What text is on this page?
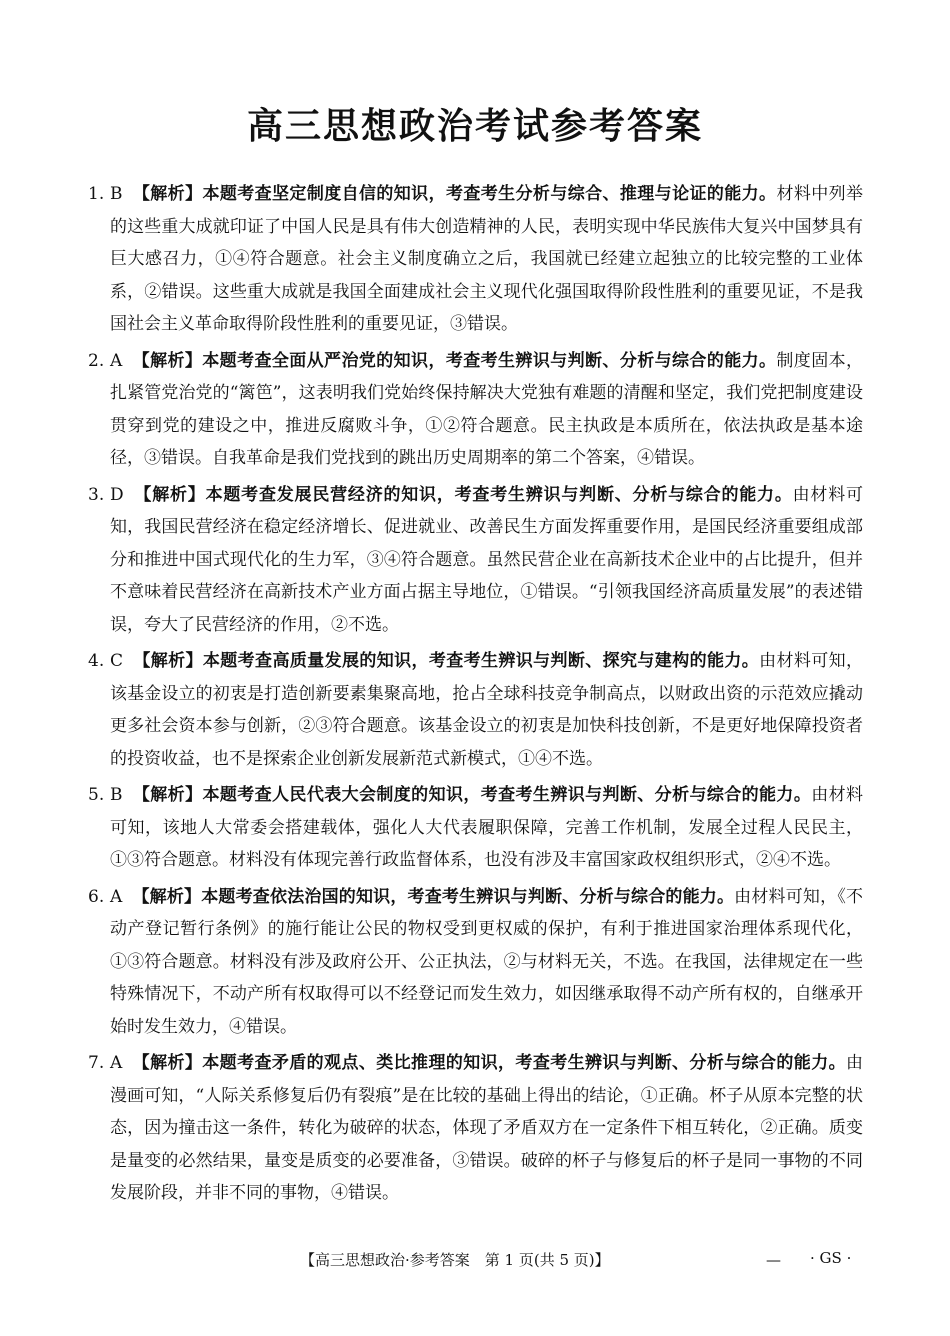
高三思想政治考试参考答案
1. B 【解析】本题考查坚定制度自信的知识，考查考生分析与综合、推理与论证的能力。材料中列举的这些重大成就印证了中国人民是具有伟大创造精神的人民，表明实现中华民族伟大复兴中国梦具有巨大感召力，①④符合题意。社会主义制度确立之后，我国就已经建立起独立的比较完整的工业体系，②错误。这些重大成就是我国全面建成社会主义现代化强国取得阶段性胜利的重要见证，不是我国社会主义革命取得阶段性胜利的重要见证，③错误。
2. A 【解析】本题考查全面从严治党的知识，考查考生辨识与判断、分析与综合的能力。制度固本，扎紧管党治党的“篱笆”，这表明我们党始终保持解决大党独有难题的清醒和坚定，我们党把制度建设贯穿到党的建设之中，推进反腐败斗争，①②符合题意。民主执政是本质所在，依法执政是基本途径，③错误。自我革命是我们党找到的跳出历史周期率的第二个答案，④错误。
3. D 【解析】本题考查发展民营经济的知识，考查考生辨识与判断、分析与综合的能力。由材料可知，我国民营经济在稳定经济增长、促进就业、改善民生方面发挥重要作用，是国民经济重要组成部分和推进中国式现代化的生力军，③④符合题意。虽然民营企业在高新技术企业中的占比提升，但并不意味着民营经济在高新技术产业方面占据主导地位，①错误。“引领我国经济高质量发展”的表述错误，夸大了民营经济的作用，②不选。
4. C 【解析】本题考查高质量发展的知识，考查考生辨识与判断、探究与建构的能力。由材料可知，该基金设立的初衷是打造创新要素集聚高地，抢占全球科技竞争制高点，以财政出资的示范效应撬动更多社会资本参与创新，②③符合题意。该基金设立的初衷是加快科技创新，不是更好地保障投资者的投资收益，也不是探索企业创新发展新范式新模式，①④不选。
5. B 【解析】本题考查人民代表大会制度的知识，考查考生辨识与判断、分析与综合的能力。由材料可知，该地人大常委会搭建载体，强化人大代表履职保障，完善工作机制，发展全过程人民民主，①③符合题意。材料没有体现完善行政监督体系，也没有涉及丰富国家政权组织形式，②④不选。
6. A 【解析】本题考查依法治国的知识，考查考生辨识与判断、分析与综合的能力。由材料可知，《不动产登记暂行条例》的施行能让公民的物权受到更权威的保护，有利于推进国家治理体系现代化，①③符合题意。材料没有涉及政府公开、公正执法，②与材料无关，不选。在我国，法律规定在一些特殊情况下，不动产所有权取得可以不经登记而发生效力，如因继承取得不动产所有权的，自继承开始时发生效力，④错误。
7. A 【解析】本题考查矛盾的观点、类比推理的知识，考查考生辨识与判断、分析与综合的能力。由漫画可知，“人际关系修复后仍有裂痕”是在比较的基础上得出的结论，①正确。杯子从原本完整的状态，因为撞击这一条件，转化为破碎的状态，体现了矛盾双方在一定条件下相互转化，②正确。质变是量变的必然结果，量变是质变的必要准备，③错误。破碎的杯子与修复后的杯子是同一事物的不同发展阶段，并非不同的事物，④错误。
【高三思想政治·参考答案　第 1 页(共 5 页)】	— · GS ·
